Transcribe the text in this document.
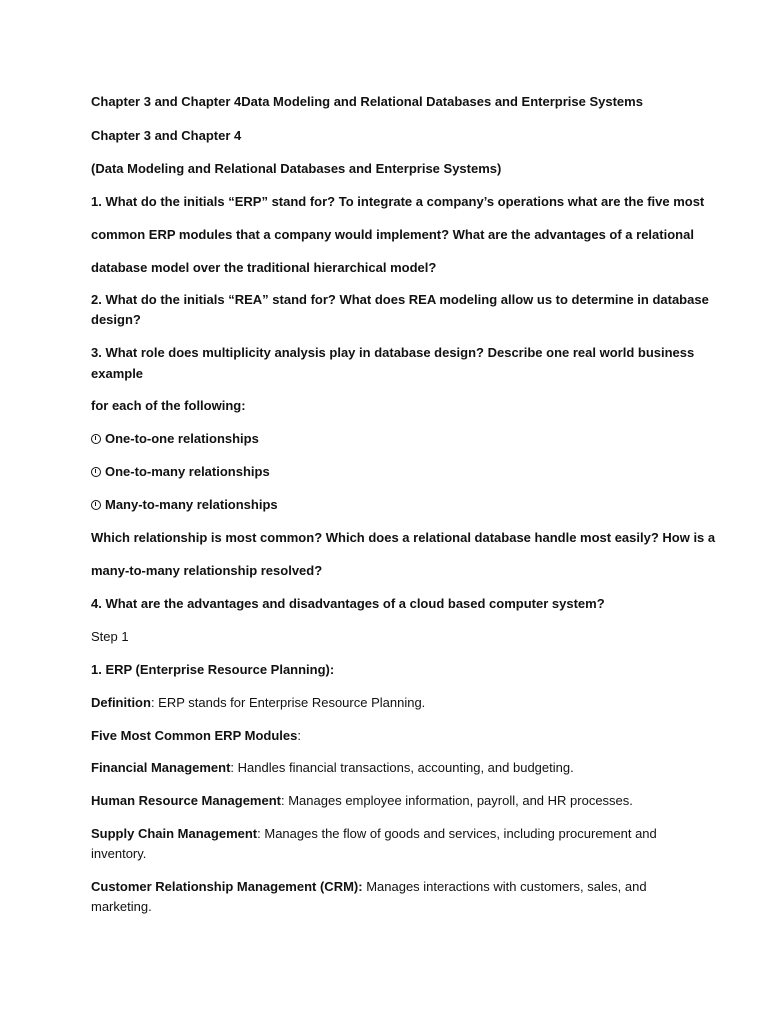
Chapter 3 and Chapter 4Data Modeling and Relational Databases and Enterprise Systems
Chapter 3 and Chapter 4
(Data Modeling and Relational Databases and Enterprise Systems)
1. What do the initials “ERP” stand for? To integrate a company’s operations what are the five most
common ERP modules that a company would implement? What are the advantages of a relational
database model over the traditional hierarchical model?
2. What do the initials “REA” stand for? What does REA modeling allow us to determine in database
design?
3. What role does multiplicity analysis play in database design? Describe one real world business
example
for each of the following:
One-to-one relationships
One-to-many relationships
Many-to-many relationships
Which relationship is most common? Which does a relational database handle most easily? How is a
many-to-many relationship resolved?
4. What are the advantages and disadvantages of a cloud based computer system?
Step 1
1. ERP (Enterprise Resource Planning):
Definition: ERP stands for Enterprise Resource Planning.
Five Most Common ERP Modules:
Financial Management: Handles financial transactions, accounting, and budgeting.
Human Resource Management: Manages employee information, payroll, and HR processes.
Supply Chain Management: Manages the flow of goods and services, including procurement and
inventory.
Customer Relationship Management (CRM): Manages interactions with customers, sales, and
marketing.
